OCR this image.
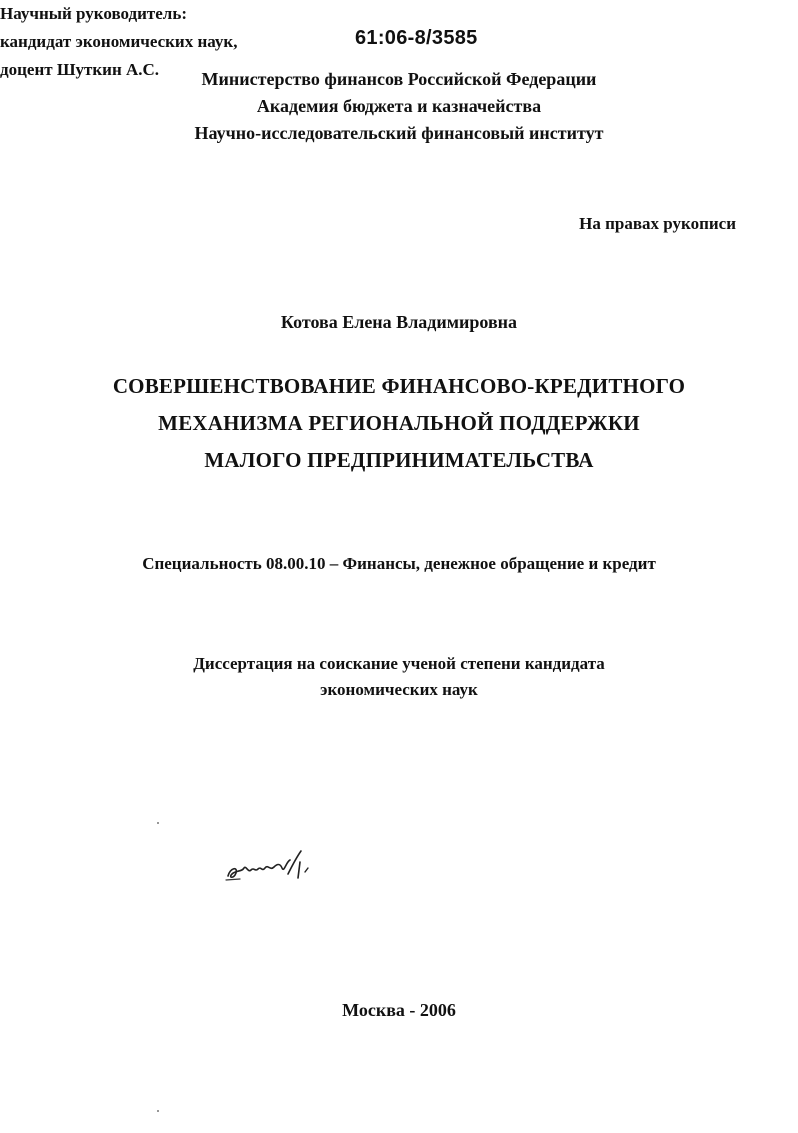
61:06-8/3585
Министерство финансов Российской Федерации
Академия бюджета и казначейства
Научно-исследовательский финансовый институт
На правах рукописи
Котова Елена Владимировна
СОВЕРШЕНСТВОВАНИЕ ФИНАНСОВО-КРЕДИТНОГО
МЕХАНИЗМА РЕГИОНАЛЬНОЙ ПОДДЕРЖКИ
МАЛОГО ПРЕДПРИНИМАТЕЛЬСТВА
Специальность 08.00.10 – Финансы, денежное обращение и кредит
Диссертация на соискание ученой степени кандидата
экономических наук
Научный руководитель:
кандидат экономических наук,
доцент Шуткин А.С.
Москва - 2006
